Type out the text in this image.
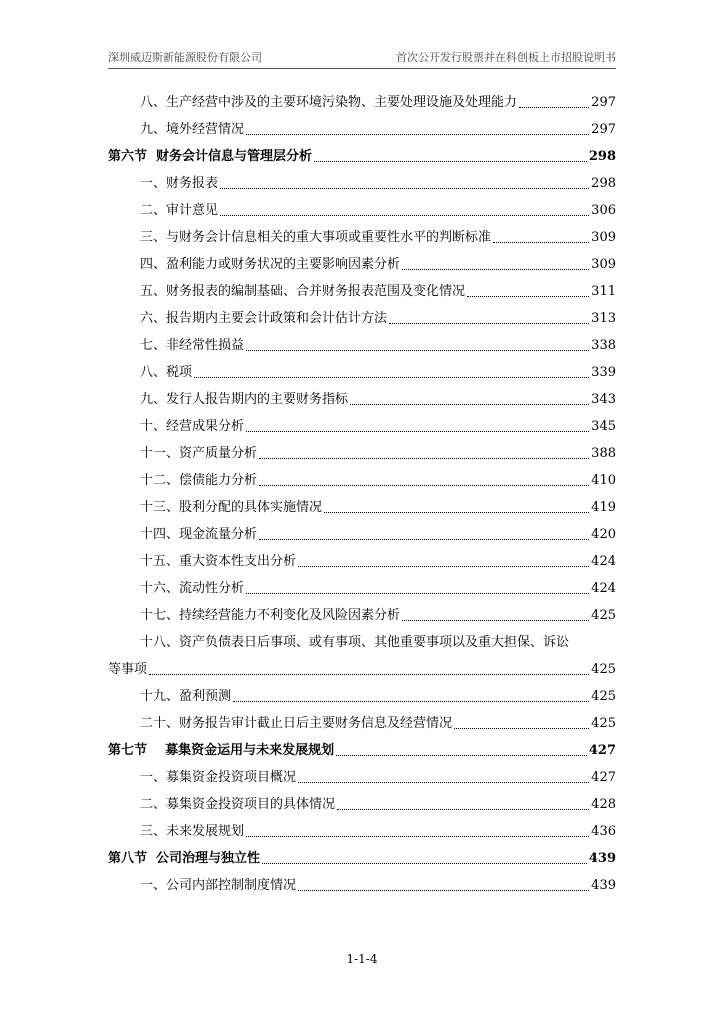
深圳威迈斯新能源股份有限公司	首次公开发行股票并在科创板上市招股说明书
八、生产经营中涉及的主要环境污染物、主要处理设施及处理能力	297
九、境外经营情况	297
第六节  财务会计信息与管理层分析	298
一、财务报表	298
二、审计意见	306
三、与财务会计信息相关的重大事项或重要性水平的判断标准	309
四、盈利能力或财务状况的主要影响因素分析	309
五、财务报表的编制基础、合并财务报表范围及变化情况	311
六、报告期内主要会计政策和会计估计方法	313
七、非经常性损益	338
八、税项	339
九、发行人报告期内的主要财务指标	343
十、经营成果分析	345
十一、资产质量分析	388
十二、偿债能力分析	410
十三、股利分配的具体实施情况	419
十四、现金流量分析	420
十五、重大资本性支出分析	424
十六、流动性分析	424
十七、持续经营能力不利变化及风险因素分析	425
十八、资产负债表日后事项、或有事项、其他重要事项以及重大担保、诉讼
等事项	425
十九、盈利预测	425
二十、财务报告审计截止日后主要财务信息及经营情况	425
第七节    募集资金运用与未来发展规划	427
一、募集资金投资项目概况	427
二、募集资金投资项目的具体情况	428
三、未来发展规划	436
第八节  公司治理与独立性	439
一、公司内部控制制度情况	439
1-1-4
